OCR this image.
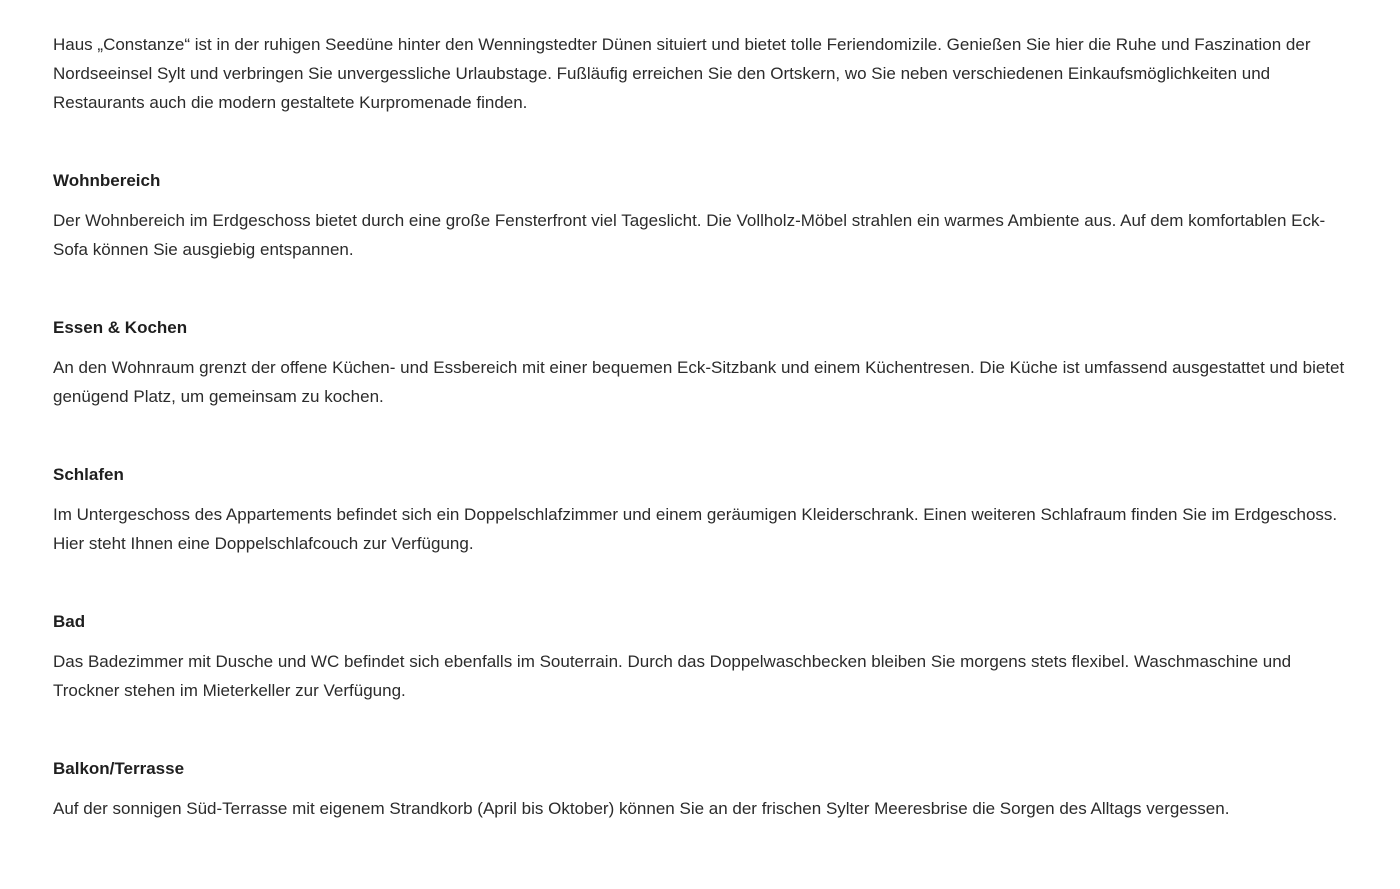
Haus „Constanze“ ist in der ruhigen Seedüne hinter den Wenningstedter Dünen situiert und bietet tolle Feriendomizile. Genießen Sie hier die Ruhe und Faszination der Nordseeinsel Sylt und verbringen Sie unvergessliche Urlaubstage. Fußläufig erreichen Sie den Ortskern, wo Sie neben verschiedenen Einkaufsmöglichkeiten und Restaurants auch die modern gestaltete Kurpromenade finden.

Wohnbereich

Der Wohnbereich im Erdgeschoss bietet durch eine große Fensterfront viel Tageslicht. Die Vollholz-Möbel strahlen ein warmes Ambiente aus. Auf dem komfortablen Eck-Sofa können Sie ausgiebig entspannen.

Essen & Kochen

An den Wohnraum grenzt der offene Küchen- und Essbereich mit einer bequemen Eck-Sitzbank und einem Küchentresen. Die Küche ist umfassend ausgestattet und bietet genügend Platz, um gemeinsam zu kochen.

Schlafen

Im Untergeschoss des Appartements befindet sich ein Doppelschlafzimmer und einem geräumigen Kleiderschrank. Einen weiteren Schlafraum finden Sie im Erdgeschoss. Hier steht Ihnen eine Doppelschlafcouch zur Verfügung.

Bad

Das Badezimmer mit Dusche und WC befindet sich ebenfalls im Souterrain. Durch das Doppelwaschbecken bleiben Sie morgens stets flexibel. Waschmaschine und Trockner stehen im Mieterkeller zur Verfügung.

Balkon/Terrasse

Auf der sonnigen Süd-Terrasse mit eigenem Strandkorb (April bis Oktober) können Sie an der frischen Sylter Meeresbrise die Sorgen des Alltags vergessen.
